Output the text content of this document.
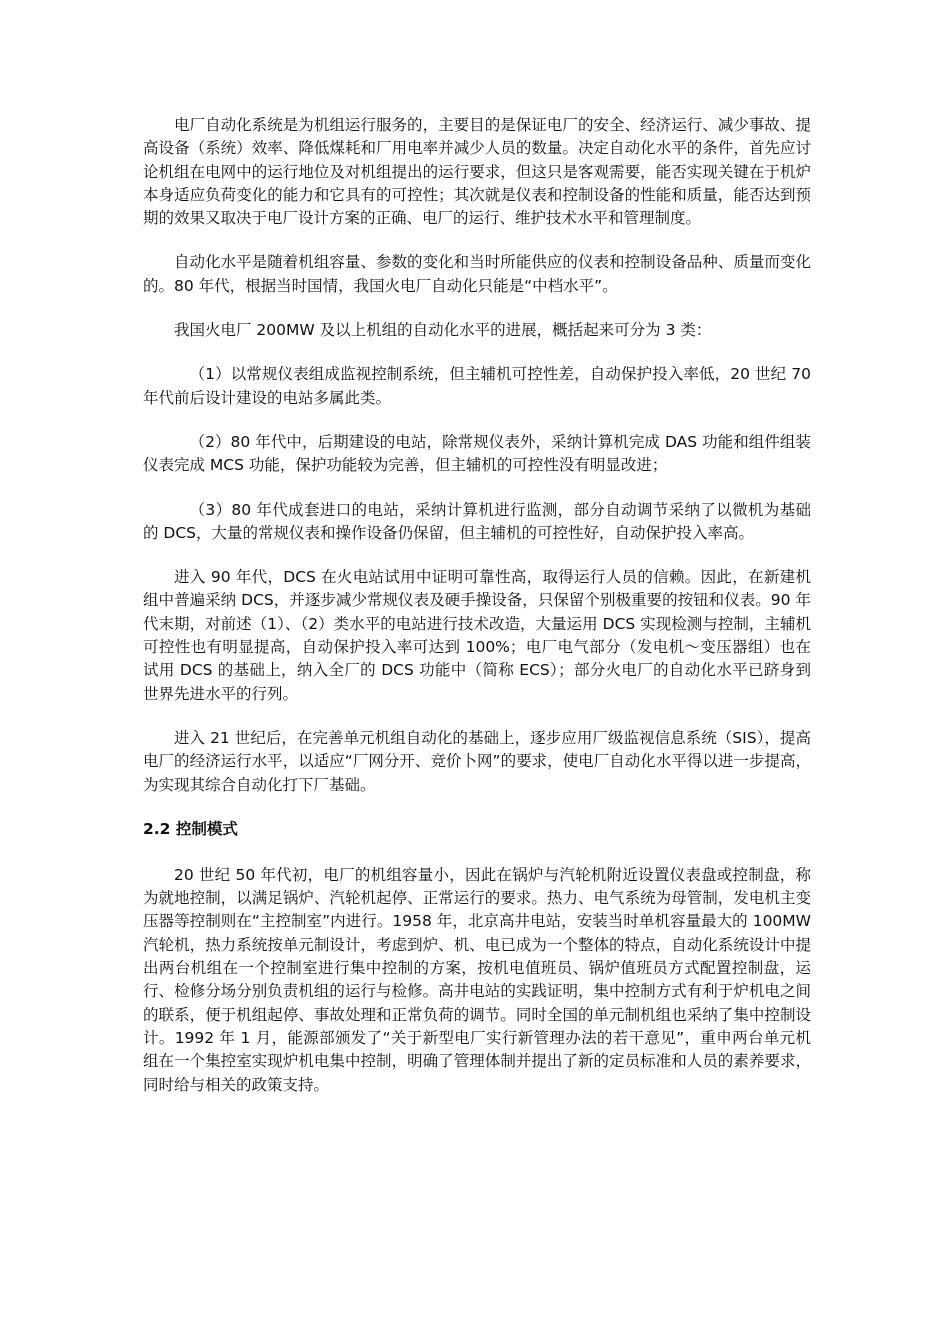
电厂自动化系统是为机组运行服务的，主要目的是保证电厂的安全、经济运行、减少事故、提高设备（系统）效率、降低煤耗和厂用电率并减少人员的数量。决定自动化水平的条件，首先应讨论机组在电网中的运行地位及对机组提出的运行要求，但这只是客观需要，能否实现关键在于机炉本身适应负荷变化的能力和它具有的可控性；其次就是仪表和控制设备的性能和质量，能否达到预期的效果又取决于电厂设计方案的正确、电厂的运行、维护技术水平和管理制度。

自动化水平是随着机组容量、参数的变化和当时所能供应的仪表和控制设备品种、质量而变化的。80 年代，根据当时国情，我国火电厂自动化只能是“中档水平”。

我国火电厂 200MW 及以上机组的自动化水平的进展，概括起来可分为 3 类：

（1）以常规仪表组成监视控制系统，但主辅机可控性差，自动保护投入率低，20 世纪 70 年代前后设计建设的电站多属此类。

（2）80 年代中，后期建设的电站，除常规仪表外，采纳计算机完成 DAS 功能和组件组装仪表完成 MCS 功能，保护功能较为完善，但主辅机的可控性没有明显改进；

（3）80 年代成套进口的电站，采纳计算机进行监测，部分自动调节采纳了以微机为基础的 DCS，大量的常规仪表和操作设备仍保留，但主辅机的可控性好，自动保护投入率高。

进入 90 年代，DCS 在火电站试用中证明可靠性高，取得运行人员的信赖。因此，在新建机组中普遍采纳 DCS，并逐步减少常规仪表及硬手操设备，只保留个别极重要的按钮和仪表。90 年代末期，对前述（1）、（2）类水平的电站进行技术改造，大量运用 DCS 实现检测与控制，主辅机可控性也有明显提高，自动保护投入率可达到 100%；电厂电气部分（发电机～变压器组）也在试用 DCS 的基础上，纳入全厂的 DCS 功能中（简称 ECS）；部分火电厂的自动化水平已跻身到世界先进水平的行列。

进入 21 世纪后，在完善单元机组自动化的基础上，逐步应用厂级监视信息系统（SIS），提高电厂的经济运行水平，以适应“厂网分开、竞价卜网”的要求，使电厂自动化水平得以进一步提高，为实现其综合自动化打下厂基础。

2.2 控制模式

20 世纪 50 年代初，电厂的机组容量小，因此在锅炉与汽轮机附近设置仪表盘或控制盘，称为就地控制，以满足锅炉、汽轮机起停、正常运行的要求。热力、电气系统为母管制，发电机主变压器等控制则在“主控制室”内进行。1958 年，北京高井电站，安装当时单机容量最大的 100MW 汽轮机，热力系统按单元制设计，考虑到炉、机、电已成为一个整体的特点，自动化系统设计中提出两台机组在一个控制室进行集中控制的方案，按机电值班员、锅炉值班员方式配置控制盘，运行、检修分场分别负责机组的运行与检修。高井电站的实践证明，集中控制方式有利于炉机电之间的联系，便于机组起停、事故处理和正常负荷的调节。同时全国的单元制机组也采纳了集中控制设计。1992 年 1 月，能源部颁发了“关于新型电厂实行新管理办法的若干意见”，重申两台单元机组在一个集控室实现炉机电集中控制，明确了管理体制并提出了新的定员标准和人员的素养要求，同时给与相关的政策支持。
